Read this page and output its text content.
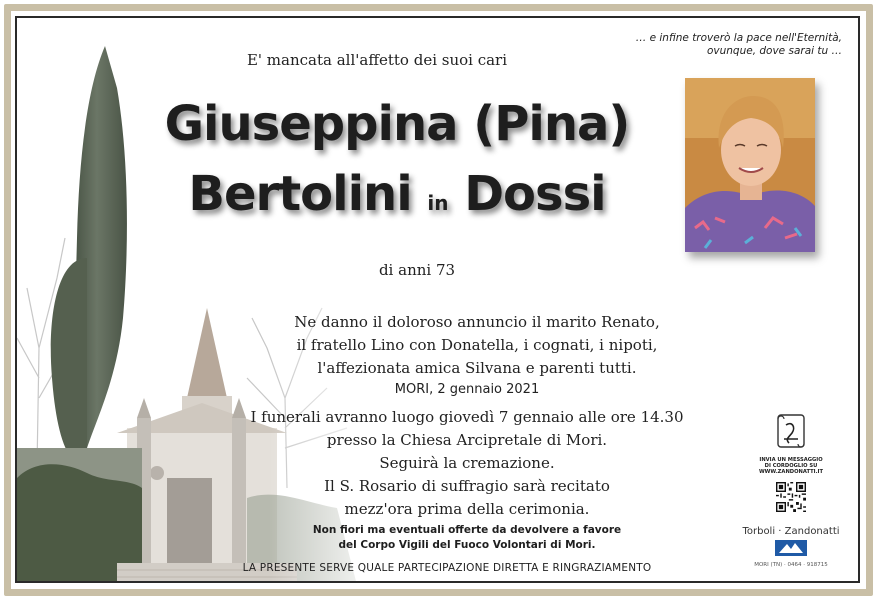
… e infine troverò la pace nell'Eternità,
ovunque, dove sarai tu …
E' mancata all'affetto dei suoi cari
Giuseppina (Pina)
Bertolini in Dossi
di anni 73
Ne danno il doloroso annuncio il marito Renato,
il fratello Lino con Donatella, i cognati, i nipoti,
l'affezionata amica Silvana e parenti tutti.
MORI, 2 gennaio 2021
I funerali avranno luogo giovedì 7 gennaio alle ore 14.30
presso la Chiesa Arcipretale di Mori.
Seguirà la cremazione.
Il S. Rosario di suffragio sarà recitato
mezz'ora prima della cerimonia.
Non fiori ma eventuali offerte da devolvere a favore
del Corpo Vigili del Fuoco Volontari di Mori.
LA PRESENTE SERVE QUALE PARTECIPAZIONE DIRETTA E RINGRAZIAMENTO
INVIA UN MESSAGGIO
DI CORDOGLIO SU
WWW.ZANDONATTI.IT
Torboli · Zandonatti
MORI (TN) · 0464 · 918715
